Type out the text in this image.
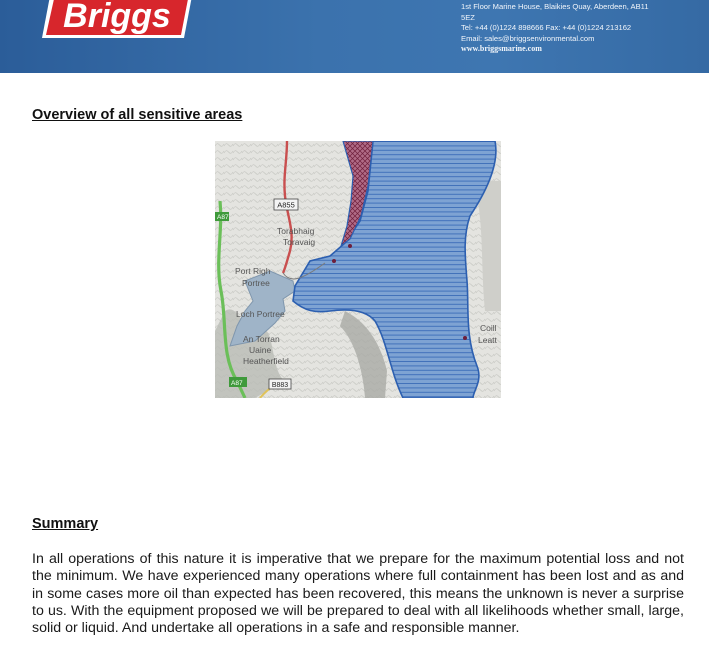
Briggs	1st Floor Marine House, Blaikies Quay, Aberdeen, AB11
5EZ
Tel: +44 (0)1224 898666 Fax: +44 (0)1224 213162
Email: sales@briggsenvironmental.com
www.briggsmarine.com
Overview of all sensitive areas
A855
A87
A87	B883
Torabhaig
Toravaig
Port Righ
Portree
Loch Portree
An Torran
Uaine
Heatherfield
Coill
Leatt
Summary
In all operations of this nature it is imperative that we prepare for the maximum potential loss and not the minimum. We have experienced many operations where full containment has been lost and as and in some cases more oil than expected has been recovered, this means the unknown is never a surprise to us. With the equipment proposed we will be prepared to deal with all likelihoods whether small, large, solid or liquid. And undertake all operations in a safe and responsible manner.
